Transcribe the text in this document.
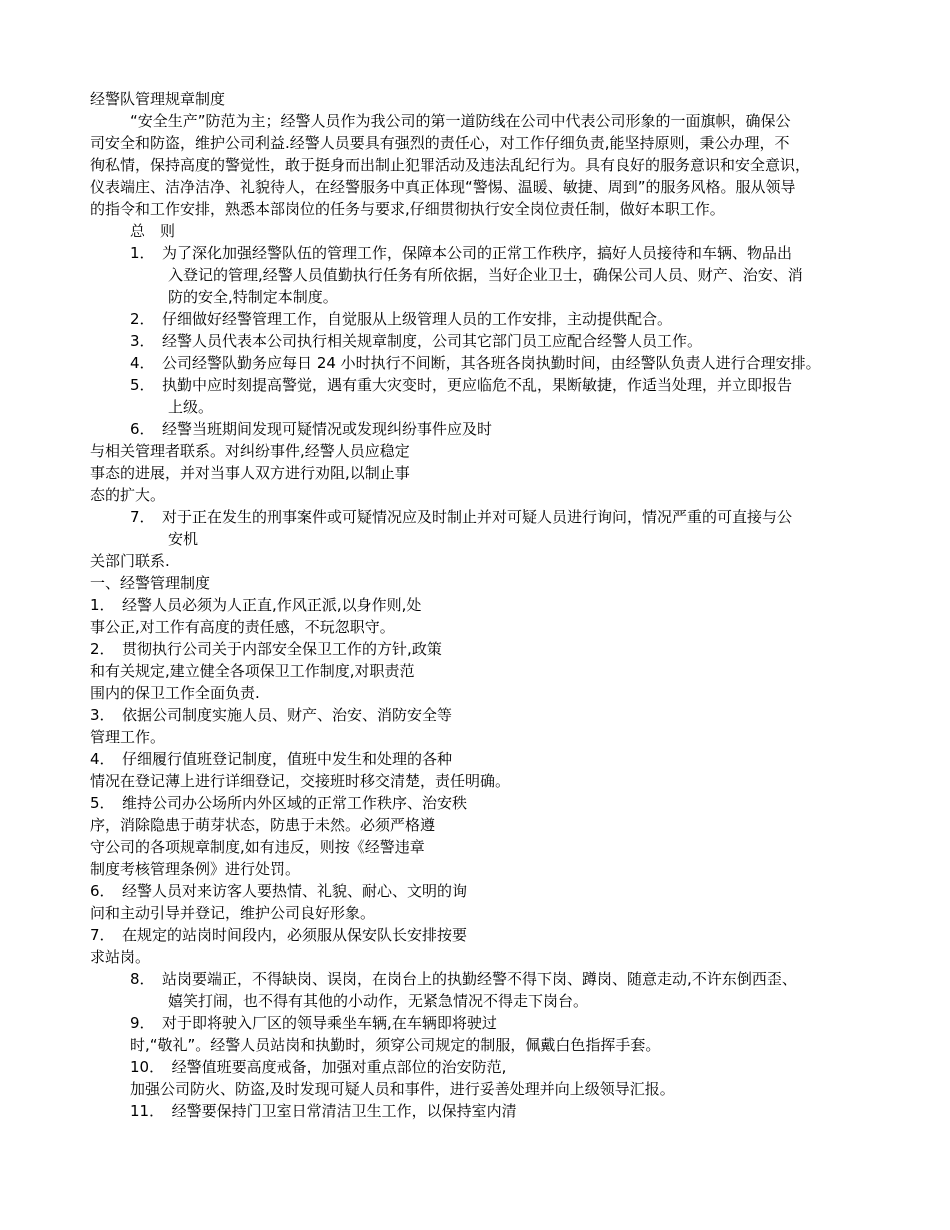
经警队管理规章制度
“安全生产”防范为主；经警人员作为我公司的第一道防线在公司中代表公司形象的一面旗帜，确保公
司安全和防盗，维护公司利益.经警人员要具有强烈的责任心，对工作仔细负责,能坚持原则，秉公办理，不
徇私情，保持高度的警觉性，敢于挺身而出制止犯罪活动及违法乱纪行为。具有良好的服务意识和安全意识，
仪表端庄、洁净洁净、礼貌待人，在经警服务中真正体现“警惕、温暖、敏捷、周到”的服务风格。服从领导
的指令和工作安排，熟悉本部岗位的任务与要求,仔细贯彻执行安全岗位责任制，做好本职工作。
总　则
1．　为了深化加强经警队伍的管理工作，保障本公司的正常工作秩序，搞好人员接待和车辆、物品出
入登记的管理,经警人员值勤执行任务有所依据，当好企业卫士，确保公司人员、财产、治安、消
防的安全,特制定本制度。
2．　仔细做好经警管理工作，自觉服从上级管理人员的工作安排，主动提供配合。
3．　经警人员代表本公司执行相关规章制度，公司其它部门员工应配合经警人员工作。
4．　公司经警队勤务应每日 24 小时执行不间断，其各班各岗执勤时间，由经警队负责人进行合理安排。
5．　执勤中应时刻提高警觉，遇有重大灾变时，更应临危不乱，果断敏捷，作适当处理，并立即报告
上级。
6．　经警当班期间发现可疑情况或发现纠纷事件应及时
与相关管理者联系。对纠纷事件,经警人员应稳定
事态的进展，并对当事人双方进行劝阻,以制止事
态的扩大。
7．　对于正在发生的刑事案件或可疑情况应及时制止并对可疑人员进行询问，情况严重的可直接与公
安机
关部门联系.
一、经警管理制度
1．　经警人员必须为人正直,作风正派,以身作则,处
事公正,对工作有高度的责任感，不玩忽职守。
2．　贯彻执行公司关于内部安全保卫工作的方针,政策
和有关规定,建立健全各项保卫工作制度,对职责范
围内的保卫工作全面负责.
3．　依据公司制度实施人员、财产、治安、消防安全等
管理工作。
4．　仔细履行值班登记制度，值班中发生和处理的各种
情况在登记薄上进行详细登记，交接班时移交清楚，责任明确。
5．　维持公司办公场所内外区域的正常工作秩序、治安秩
序，消除隐患于萌芽状态，防患于未然。必须严格遵
守公司的各项规章制度,如有违反，则按《经警违章
制度考核管理条例》进行处罚。
6．　经警人员对来访客人要热情、礼貌、耐心、文明的询
问和主动引导并登记，维护公司良好形象。
7．　在规定的站岗时间段内，必须服从保安队长安排按要
求站岗。
8．　站岗要端正，不得缺岗、误岗，在岗台上的执勤经警不得下岗、蹲岗、随意走动,不许东倒西歪、
嬉笑打闹，也不得有其他的小动作，无紧急情况不得走下岗台。
9．　对于即将驶入厂区的领导乘坐车辆,在车辆即将驶过
时,“敬礼”。经警人员站岗和执勤时，须穿公司规定的制服，佩戴白色指挥手套。
10．　经警值班要高度戒备，加强对重点部位的治安防范,
加强公司防火、防盗,及时发现可疑人员和事件，进行妥善处理并向上级领导汇报。
11．　经警要保持门卫室日常清洁卫生工作，以保持室内清
